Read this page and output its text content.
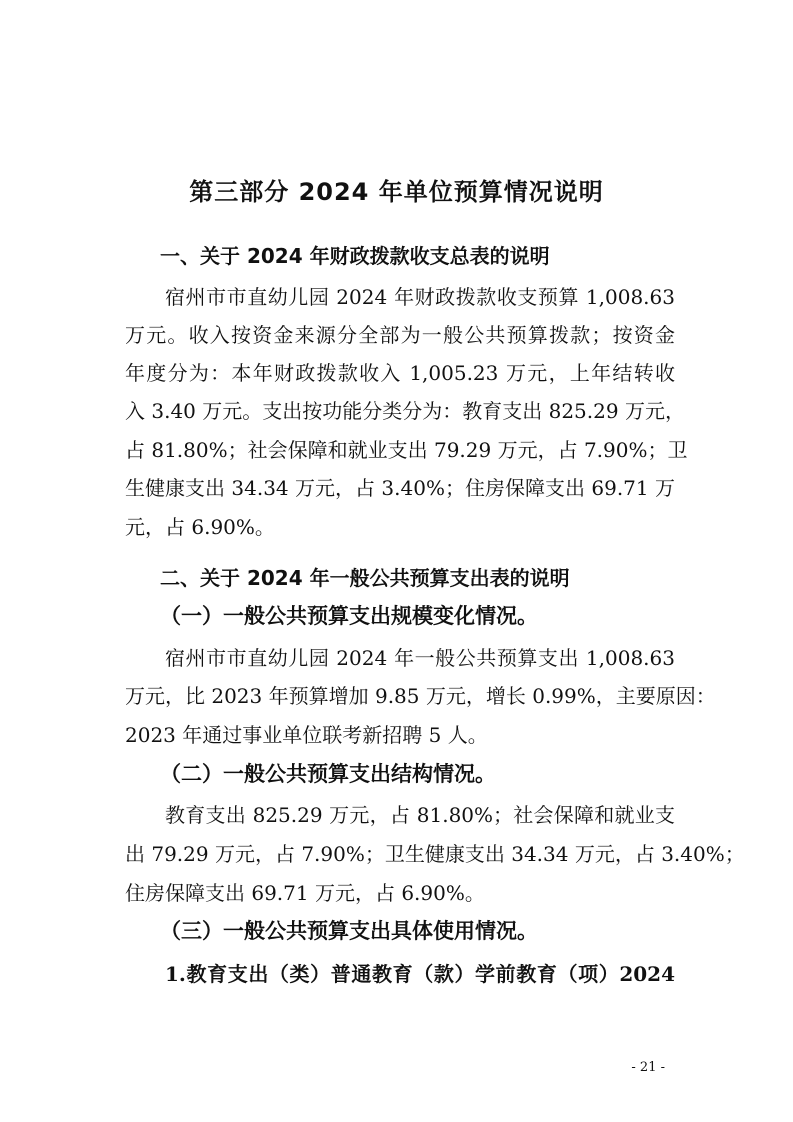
第三部分 2024 年单位预算情况说明
一、关于 2024 年财政拨款收支总表的说明
宿州市市直幼儿园 2024 年财政拨款收支预算 1,008.63
万元。收入按资金来源分全部为一般公共预算拨款；按资金
年度分为：本年财政拨款收入 1,005.23 万元，上年结转收
入 3.40 万元。支出按功能分类分为：教育支出 825.29 万元，
占 81.80%；社会保障和就业支出 79.29 万元，占 7.90%；卫
生健康支出 34.34 万元，占 3.40%；住房保障支出 69.71 万
元，占 6.90%。
二、关于 2024 年一般公共预算支出表的说明
（一）一般公共预算支出规模变化情况。
宿州市市直幼儿园 2024 年一般公共预算支出 1,008.63
万元，比 2023 年预算增加 9.85 万元，增长 0.99%，主要原因：
2023 年通过事业单位联考新招聘 5 人。
（二）一般公共预算支出结构情况。
教育支出 825.29 万元，占 81.80%；社会保障和就业支
出 79.29 万元，占 7.90%；卫生健康支出 34.34 万元，占 3.40%；
住房保障支出 69.71 万元，占 6.90%。
（三）一般公共预算支出具体使用情况。
1.教育支出（类）普通教育（款）学前教育（项）2024
- 21 -
